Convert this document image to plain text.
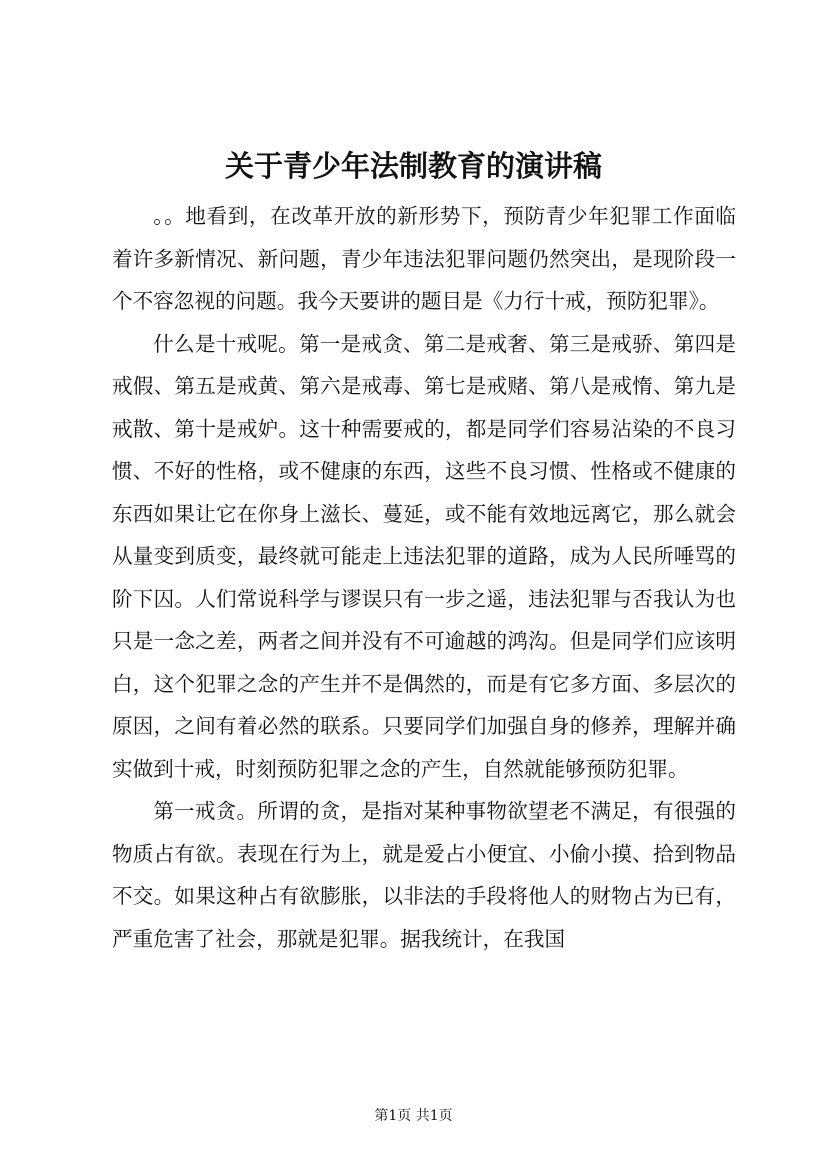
关于青少年法制教育的演讲稿

。。地看到，在改革开放的新形势下，预防青少年犯罪工作面临着许多新情况、新问题，青少年违法犯罪问题仍然突出，是现阶段一个不容忽视的问题。我今天要讲的题目是《力行十戒，预防犯罪》。

什么是十戒呢。第一是戒贪、第二是戒奢、第三是戒骄、第四是戒假、第五是戒黄、第六是戒毒、第七是戒赌、第八是戒惰、第九是戒散、第十是戒妒。这十种需要戒的，都是同学们容易沾染的不良习惯、不好的性格，或不健康的东西，这些不良习惯、性格或不健康的东西如果让它在你身上滋长、蔓延，或不能有效地远离它，那么就会从量变到质变，最终就可能走上违法犯罪的道路，成为人民所唾骂的阶下囚。人们常说科学与谬误只有一步之遥，违法犯罪与否我认为也只是一念之差，两者之间并没有不可逾越的鸿沟。但是同学们应该明白，这个犯罪之念的产生并不是偶然的，而是有它多方面、多层次的原因，之间有着必然的联系。只要同学们加强自身的修养，理解并确实做到十戒，时刻预防犯罪之念的产生，自然就能够预防犯罪。

第一戒贪。所谓的贪，是指对某种事物欲望老不满足，有很强的物质占有欲。表现在行为上，就是爱占小便宜、小偷小摸、拾到物品不交。如果这种占有欲膨胀，以非法的手段将他人的财物占为已有，严重危害了社会，那就是犯罪。据我统计，在我国

第1页 共1页
